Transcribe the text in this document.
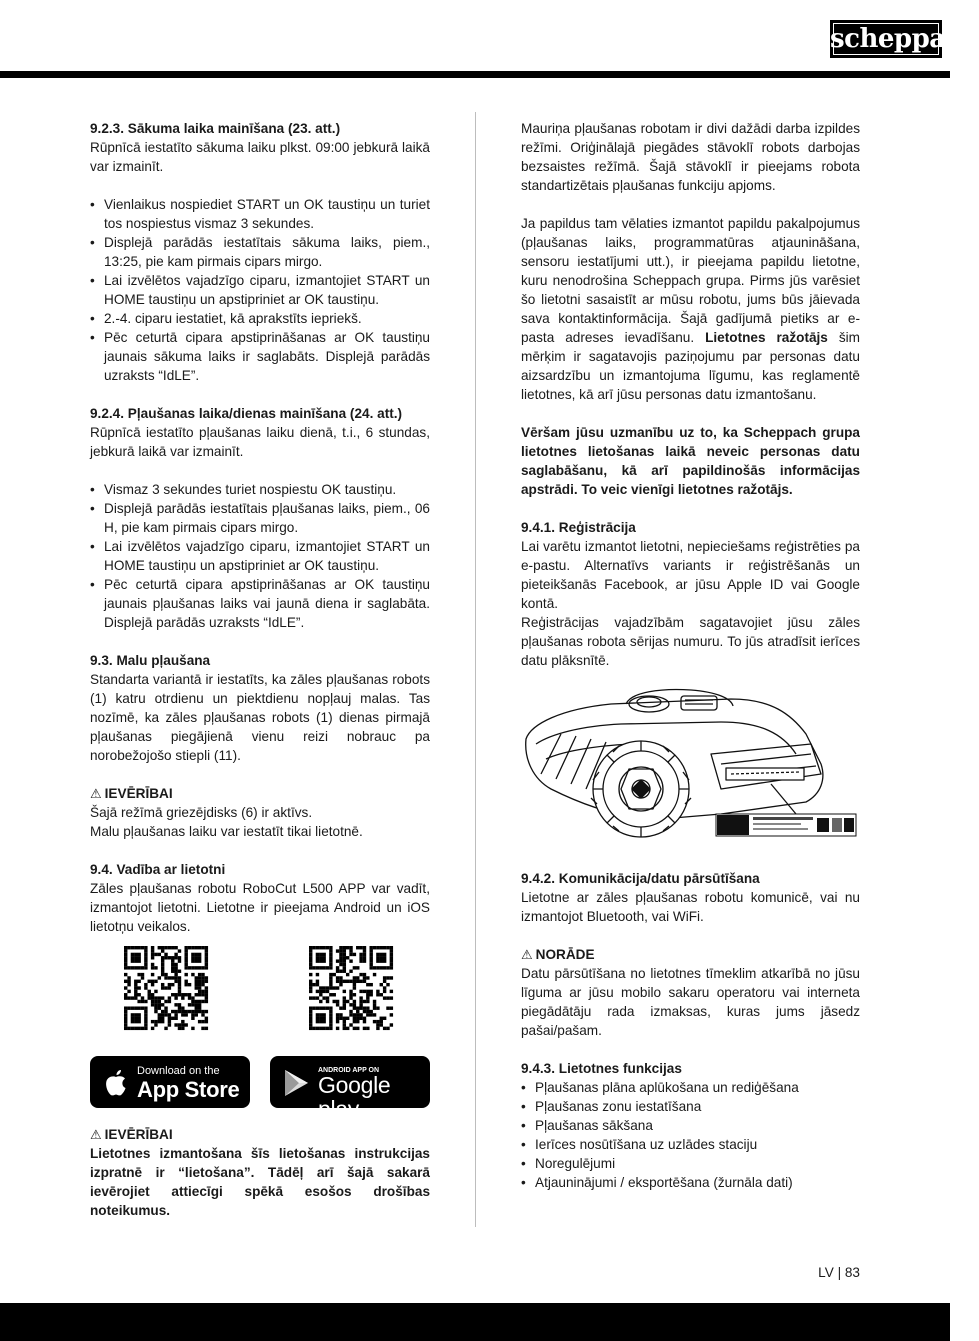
scheppach
9.2.3. Sākuma laika mainīšana (23. att.)

Rūpnīcā iestatīto sākuma laiku plkst. 09:00 jebkurā laikā var izmainīt.

• Vienlaikus nospiediet START un OK taustiņu un turiet tos nospiestus vismaz 3 sekundes.
• Displejā parādās iestatītais sākuma laiks, piem., 13:25, pie kam pirmais cipars mirgo.
• Lai izvēlētos vajadzīgo ciparu, izmantojiet START un HOME taustiņu un apstipriniet ar OK taustiņu.
• 2.-4. ciparu iestatiet, kā aprakstīts iepriekš.
• Pēc ceturtā cipara apstiprināšanas ar OK taustiņu jaunais sākuma laiks ir saglabāts. Displejā parādās uzraksts “IdLE”.
9.2.4. Pļaušanas laika/dienas mainīšana (24. att.)

Rūpnīcā iestatīto pļaušanas laiku dienā, t.i., 6 stundas, jebkurā laikā var izmainīt.

• Vismaz 3 sekundes turiet nospiestu OK taustiņu.
• Displejā parādās iestatītais pļaušanas laiks, piem., 06 H, pie kam pirmais cipars mirgo.
• Lai izvēlētos vajadzīgo ciparu, izmantojiet START un HOME taustiņu un apstipriniet ar OK taustiņu.
• Pēc ceturtā cipara apstiprināšanas ar OK taustiņu jaunais pļaušanas laiks vai jaunā diena ir saglabāta. Displejā parādās uzraksts “IdLE”.
9.3. Malu pļaušana

Standarta variantā ir iestatīts, ka zāles pļaušanas robots (1) katru otrdienu un piektdienu nopļauj malas. Tas nozīmē, ka zāles pļaušanas robots (1) dienas pirmajā pļaušanas piegājienā vienu reizi nobrauc pa norobežojošo stiepli (11).

⚠ IEVĒRĪBAI

Šajā režīmā griezējdisks (6) ir aktīvs.

Malu pļaušanas laiku var iestatīt tikai lietotnē.

9.4. Vadība ar lietotni

Zāles pļaušanas robotu RoboCut L500 APP var vadīt, izmantojot lietotni. Lietotne ir pieejama Android un iOS lietotņu veikalos.

Download on the
App Store
ANDROID APP ON
Google play
⚠ IEVĒRĪBAI

Lietotnes izmantošana šīs lietošanas instrukcijas izpratnē ir “lietošana”. Tādēļ arī šajā sakarā ievērojiet attiecīgi spēkā esošos drošības noteikumus.

Mauriņa pļaušanas robotam ir divi dažādi darba izpildes režīmi. Oriģinālajā piegādes stāvoklī robots darbojas bezsaistes režīmā. Šajā stāvoklī ir pieejams robota standartizētais pļaušanas funkciju apjoms.

Ja papildus tam vēlaties izmantot papildu pakalpojumus (pļaušanas laiks, programmatūras atjaunināšana, sensoru iestatījumi utt.), ir pieejama papildu lietotne, kuru nenodrošina Scheppach grupa. Pirms jūs varēsiet šo lietotni sasaistīt ar mūsu robotu, jums būs jāievada sava kontaktinformācija. Šajā gadījumā pietiks ar e-pasta adreses ievadīšanu. Lietotnes ražotājs šim mērķim ir sagatavojis paziņojumu par personas datu aizsardzību un izmantojuma līgumu, kas reglamentē lietotnes, kā arī jūsu personas datu izmantošanu.

Vēršam jūsu uzmanību uz to, ka Scheppach grupa lietotnes lietošanas laikā neveic personas datu saglabāšanu, kā arī papildinošās informācijas apstrādi. To veic vienīgi lietotnes ražotājs.

9.4.1. Reģistrācija

Lai varētu izmantot lietotni, nepieciešams reģistrēties pa e-pastu. Alternatīvs variants ir reģistrēšanās un pieteikšanās Facebook, ar jūsu Apple ID vai Google kontā.

Reģistrācijas vajadzībām sagatavojiet jūsu zāles pļaušanas robota sērijas numuru. To jūs atradīsit ierīces datu plāksnītē.

9.4.2. Komunikācija/datu pārsūtīšana

Lietotne ar zāles pļaušanas robotu komunicē, vai nu izmantojot Bluetooth, vai WiFi.

⚠ NORĀDE

Datu pārsūtīšana no lietotnes tīmeklim atkarībā no jūsu līguma ar jūsu mobilo sakaru operatoru vai interneta piegādātāju rada izmaksas, kuras jums jāsedz pašai/pašam.

9.4.3. Lietotnes funkcijas
• Pļaušanas plāna aplūkošana un rediģēšana
• Pļaušanas zonu iestatīšana
• Pļaušanas sākšana
• Ierīces nosūtīšana uz uzlādes staciju
• Noregulējumi
• Atjauninājumi / eksportēšana (žurnāla dati)
LV | 83
